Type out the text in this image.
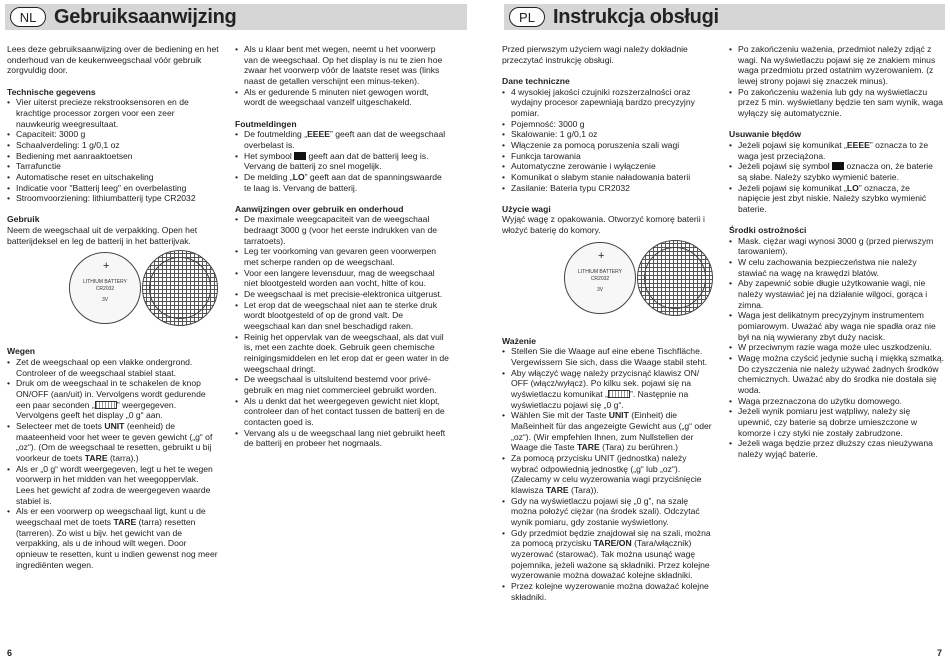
NL Gebruiksaanwijzing	PL Instrukcja obsługi

Lees deze gebruiksaanwijzing over de bediening en het onderhoud van de keukenweegschaal vóór gebruik zorgvuldig door.

Technische gegevens
• Vier uiterst precieze rekstrooksensoren en de krachtige processor zorgen voor een zeer nauwkeurig weegresultaat.
• Capaciteit: 3000 g
• Schaalverdeling: 1 g/0,1 oz
• Bediening met aanraaktoetsen
• Tarrafunctie
• Automatische reset en uitschakeling
• Indicatie voor "Batterij leeg" en overbelasting
• Stroomvoorziening: lithiumbatterij type CR2032
Gebruik

Neem de weegschaal uit de verpakking. Open het batterijdeksel en leg de batterij in het batterijvak.

+
LITHIUM BATTERY
CR2032
3V
Wegen
• Zet de weegschaal op een vlakke ondergrond. Controleer of de weegschaal stabiel staat.
• Druk om de weegschaal in te schakelen de knop ON/OFF (aan/uit) in. Vervolgens wordt gedurende een paar seconden „	” weergegeven. Vervolgens geeft het display „0 g“ aan.
• Selecteer met de toets UNIT (eenheid) de maateenheid voor het weer te geven gewicht („g“ of „oz“). (Om de weegschaal te resetten, gebruikt u bij voorkeur de toets TARE (tarra).)
• Als er „0 g“ wordt weergegeven, legt u het te wegen voorwerp in het midden van het weegoppervlak. Lees het gewicht af zodra de weergegeven waarde stabiel is.
• Als er een voorwerp op weegschaal ligt, kunt u de weegschaal met de toets TARE (tarra) resetten (tarreren). Zo wist u bijv. het gewicht van de verpakking, als u de inhoud wilt wegen. Door opnieuw te resetten, kunt u indien gewenst nog meer ingrediënten wegen.
• Als u klaar bent met wegen, neemt u het voorwerp van de weegschaal. Op het display is nu te zien hoe zwaar het voorwerp vóór de laatste reset was (links naast de getallen verschijnt een minus-teken).
• Als er gedurende 5 minuten niet gewogen wordt, wordt de weegschaal vanzelf uitgeschakeld.
Foutmeldingen
• De foutmelding „EEEE” geeft aan dat de weegschaal overbelast is.
• Het symbool  geeft aan dat de batterij leeg is. Vervang de batterij zo snel mogelijk.
• De melding „LO” geeft aan dat de spanningswaarde te laag is. Vervang de batterij.
Aanwijzingen over gebruik en onderhoud
• De maximale weegcapaciteit van de weegschaal bedraagt 3000 g (voor het eerste indrukken van de tarratoets).
• Leg ter voorkoming van gevaren geen voorwerpen met scherpe randen op de weegschaal.
• Voor een langere levensduur, mag de weegschaal niet blootgesteld worden aan vocht, hitte of kou.
• De weegschaal is met precisie-elektronica uitgerust.
• Let erop dat de weegschaal niet aan te sterke druk wordt blootgesteld of op de grond valt. De weegschaal kan dan snel beschadigd raken.
• Reinig het oppervlak van de weegschaal, als dat vuil is, met een zachte doek. Gebruik geen chemische reinigingsmiddelen en let erop dat er geen water in de weegschaal dringt.
• De weegschaal is uitsluitend bestemd voor privé-gebruik en mag niet commercieel gebruikt worden.
• Als u denkt dat het weergegeven gewicht niet klopt, controleer dan of het contact tussen de batterij en de contacten goed is.
• Vervang als u de weegschaal lang niet gebruikt heeft de batterij en probeer het nogmaals.

Przed pierwszym użyciem wagi należy dokładnie przeczytać instrukcję obsługi.

Dane techniczne
• 4 wysokiej jakości czujniki rozszerzalności oraz wydajny procesor zapewniają bardzo precyzyjny pomiar.
• Pojemność: 3000 g
• Skalowanie: 1 g/0,1 oz
• Włączenie za pomocą poruszenia szali wagi
• Funkcja tarowania
• Automatyczne zerowanie i wyłączenie
• Komunikat o słabym stanie naładowania baterii
• Zasilanie: Bateria typu CR2032
Użycie wagi

Wyjąć wagę z opakowania. Otworzyć komorę baterii i włożyć baterię do komory.

+
LITHIUM BATTERY
CR2032
3V
Ważenie
• Stellen Sie die Waage auf eine ebene Tischfläche. Vergewissern Sie sich, dass die Waage stabil steht.
• Aby włączyć wagę należy przycisnąć klawisz ON/ OFF (włącz/wyłącz). Po kilku sek. pojawi się na wyświetlaczu komunikat „	”. Następnie na wyświetlaczu pojawi się „0 g“.
• Wählen Sie mit der Taste UNIT (Einheit) die Maßeinheit für das angezeigte Gewicht aus („g“ oder „oz“). (Wir empfehlen Ihnen, zum Nullstellen der Waage die Taste TARE (Tara) zu berühren.)
• Za pomocą przycisku UNIT (jednostka) należy wybrać odpowiednią jednostkę („g“ lub „oz“). (Zalecamy w celu wyzerowania wagi przyciśnięcie klawisza TARE (Tara)).
• Gdy na wyświetlaczu pojawi się „0 g”, na szalę można położyć ciężar (na środek szali). Odczytać wynik pomiaru, gdy zostanie wyświetlony.
• Gdy przedmiot będzie znajdował się na szali, można za pomocą przycisku TARE/ON (Tara/włącznik) wyzerować (starować). Tak można usunąć wagę pojemnika, jeżeli ważone są składniki. Przez kolejne wyzerowanie można doważać kolejne składniki.
• Przez kolejne wyzerowanie można doważać kolejne składniki.
• Po zakończeniu ważenia, przedmiot należy zdjąć z wagi. Na wyświetlaczu pojawi się ze znakiem minus waga przedmiotu przed ostatnim wyzerowaniem. (z lewej strony pojawi się znaczek minus).
• Po zakończeniu ważenia lub gdy na wyświetlaczu przez 5 min. wyświetlany będzie ten sam wynik, waga wyłączy się automatycznie.
Usuwanie błędów
• Jeżeli pojawi się komunikat „EEEE” oznacza to że waga jest przeciążona.
• Jeżeli pojawi się symbol  oznacza on, że baterie są słabe. Należy szybko wymienić baterie.
• Jeżeli pojawi się komunikat „LO” oznacza, że napięcie jest zbyt niskie. Należy szybko wymienić baterie.
Środki ostrożności
• Mask. ciężar wagi wynosi 3000 g (przed pierwszym tarowaniem).
• W celu zachowania bezpieczeństwa nie należy stawiać na wagę na krawędzi blatów.
• Aby zapewnić sobie długie użytkowanie wagi, nie należy wystawiać jej na działanie wilgoci, gorąca i zimna.
• Waga jest delikatnym precyzyjnym instrumentem pomiarowym. Uważać aby waga nie spadła oraz nie był na nią wywierany zbyt duży nacisk.
• W przeciwnym razie waga może ulec uszkodzeniu.
• Wagę można czyścić jedynie suchą i miękką szmatką. Do czyszczenia nie należy używać żadnych środków chemicznych. Uważać aby do środka nie dostała się woda.
• Waga przeznaczona do użytku domowego.
• Jeżeli wynik pomiaru jest wątpliwy, należy się upewnić, czy baterie są dobrze umieszczone w komorze i czy styki nie zostały zabrudzone.
• Jeżeli waga będzie przez dłuższy czas nieużywana należy wyjąć baterie.
6	7
